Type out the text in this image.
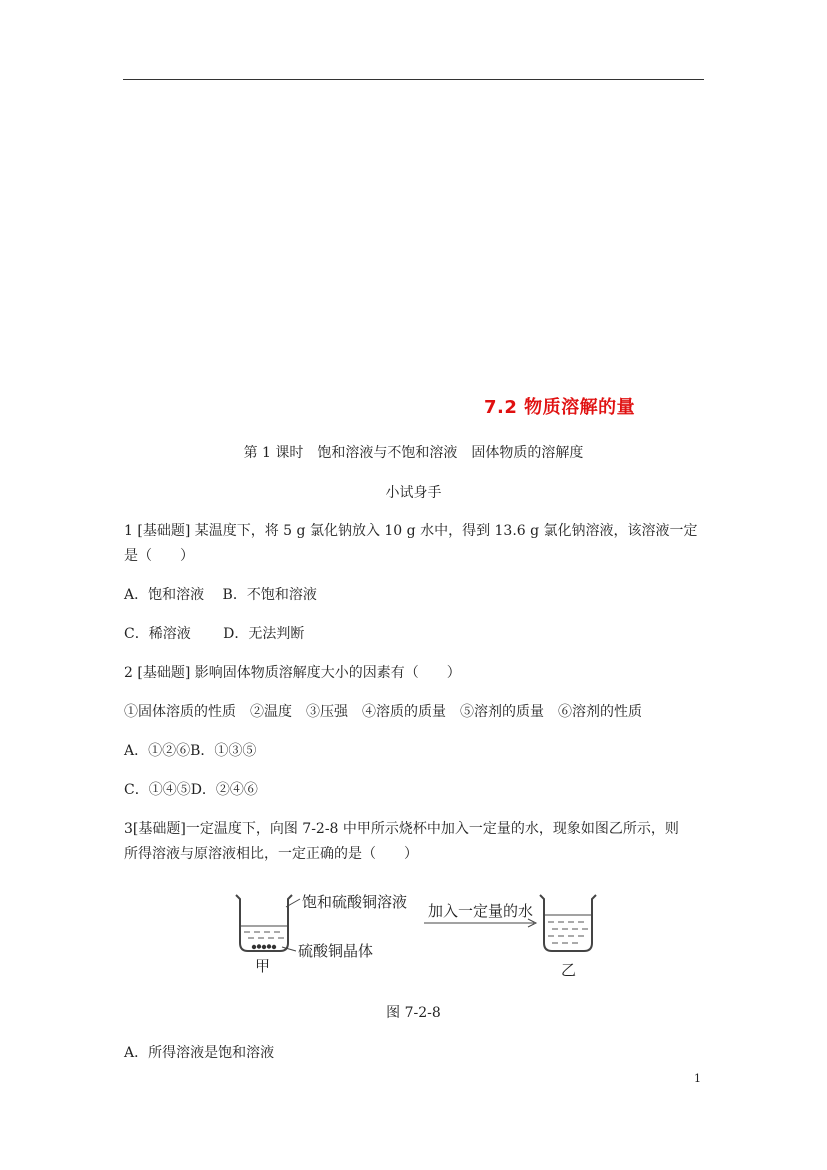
7.2 物质溶解的量
第 1 课时　饱和溶液与不饱和溶液　固体物质的溶解度
小试身手
1 [基础题] 某温度下，将 5 g 氯化钠放入 10 g 水中，得到 13.6 g 氯化钠溶液，该溶液一定
是（　　）
A．饱和溶液　 B．不饱和溶液
C．稀溶液　　 D．无法判断
2 [基础题] 影响固体物质溶解度大小的因素有（　　）
①固体溶质的性质　②温度　③压强　④溶质的质量　⑤溶剂的质量　⑥溶剂的性质
A．①②⑥B．①③⑤
C．①④⑤D．②④⑥
3[基础题]一定温度下，向图 7-2-8 中甲所示烧杯中加入一定量的水，现象如图乙所示，则
所得溶液与原溶液相比，一定正确的是（　　）
饱和硫酸铜溶液
硫酸铜晶体
甲
加入一定量的水
乙
图 7-2-8
A．所得溶液是饱和溶液
1
